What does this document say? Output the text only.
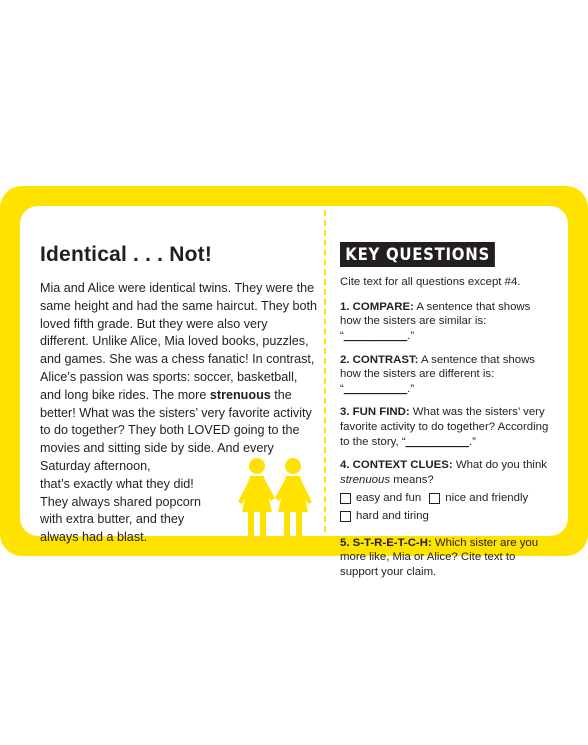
Identical . . . Not!

Mia and Alice were identical twins. They were the same height and had the same haircut. They both loved fifth grade. But they were also very different. Unlike Alice, Mia loved books, puzzles, and games. She was a chess fanatic! In contrast, Alice’s passion was sports: soccer, basketball, and long bike rides. The more strenuous the better! What was the sisters’ very favorite activity to do together? They both LOVED going to the movies and sitting side by side. And every Saturday afternoon,

that’s exactly what they did! They always shared popcorn with extra butter, and they always had a blast.
KEY QUESTIONS
Cite text for all questions except #4.
1. COMPARE: A sentence that shows how the sisters are similar is: “__________.”
2. CONTRAST: A sentence that shows how the sisters are different is: “__________.”
3. FUN FIND: What was the sisters’ very favorite activity to do together? According to the story, “__________.”
4. CONTEXT CLUES: What do you think strenuous means?
easy and fun nice and friendly

hard and tiring
5. S-T-R-E-T-C-H: Which sister are you more like, Mia or Alice? Cite text to support your claim.
